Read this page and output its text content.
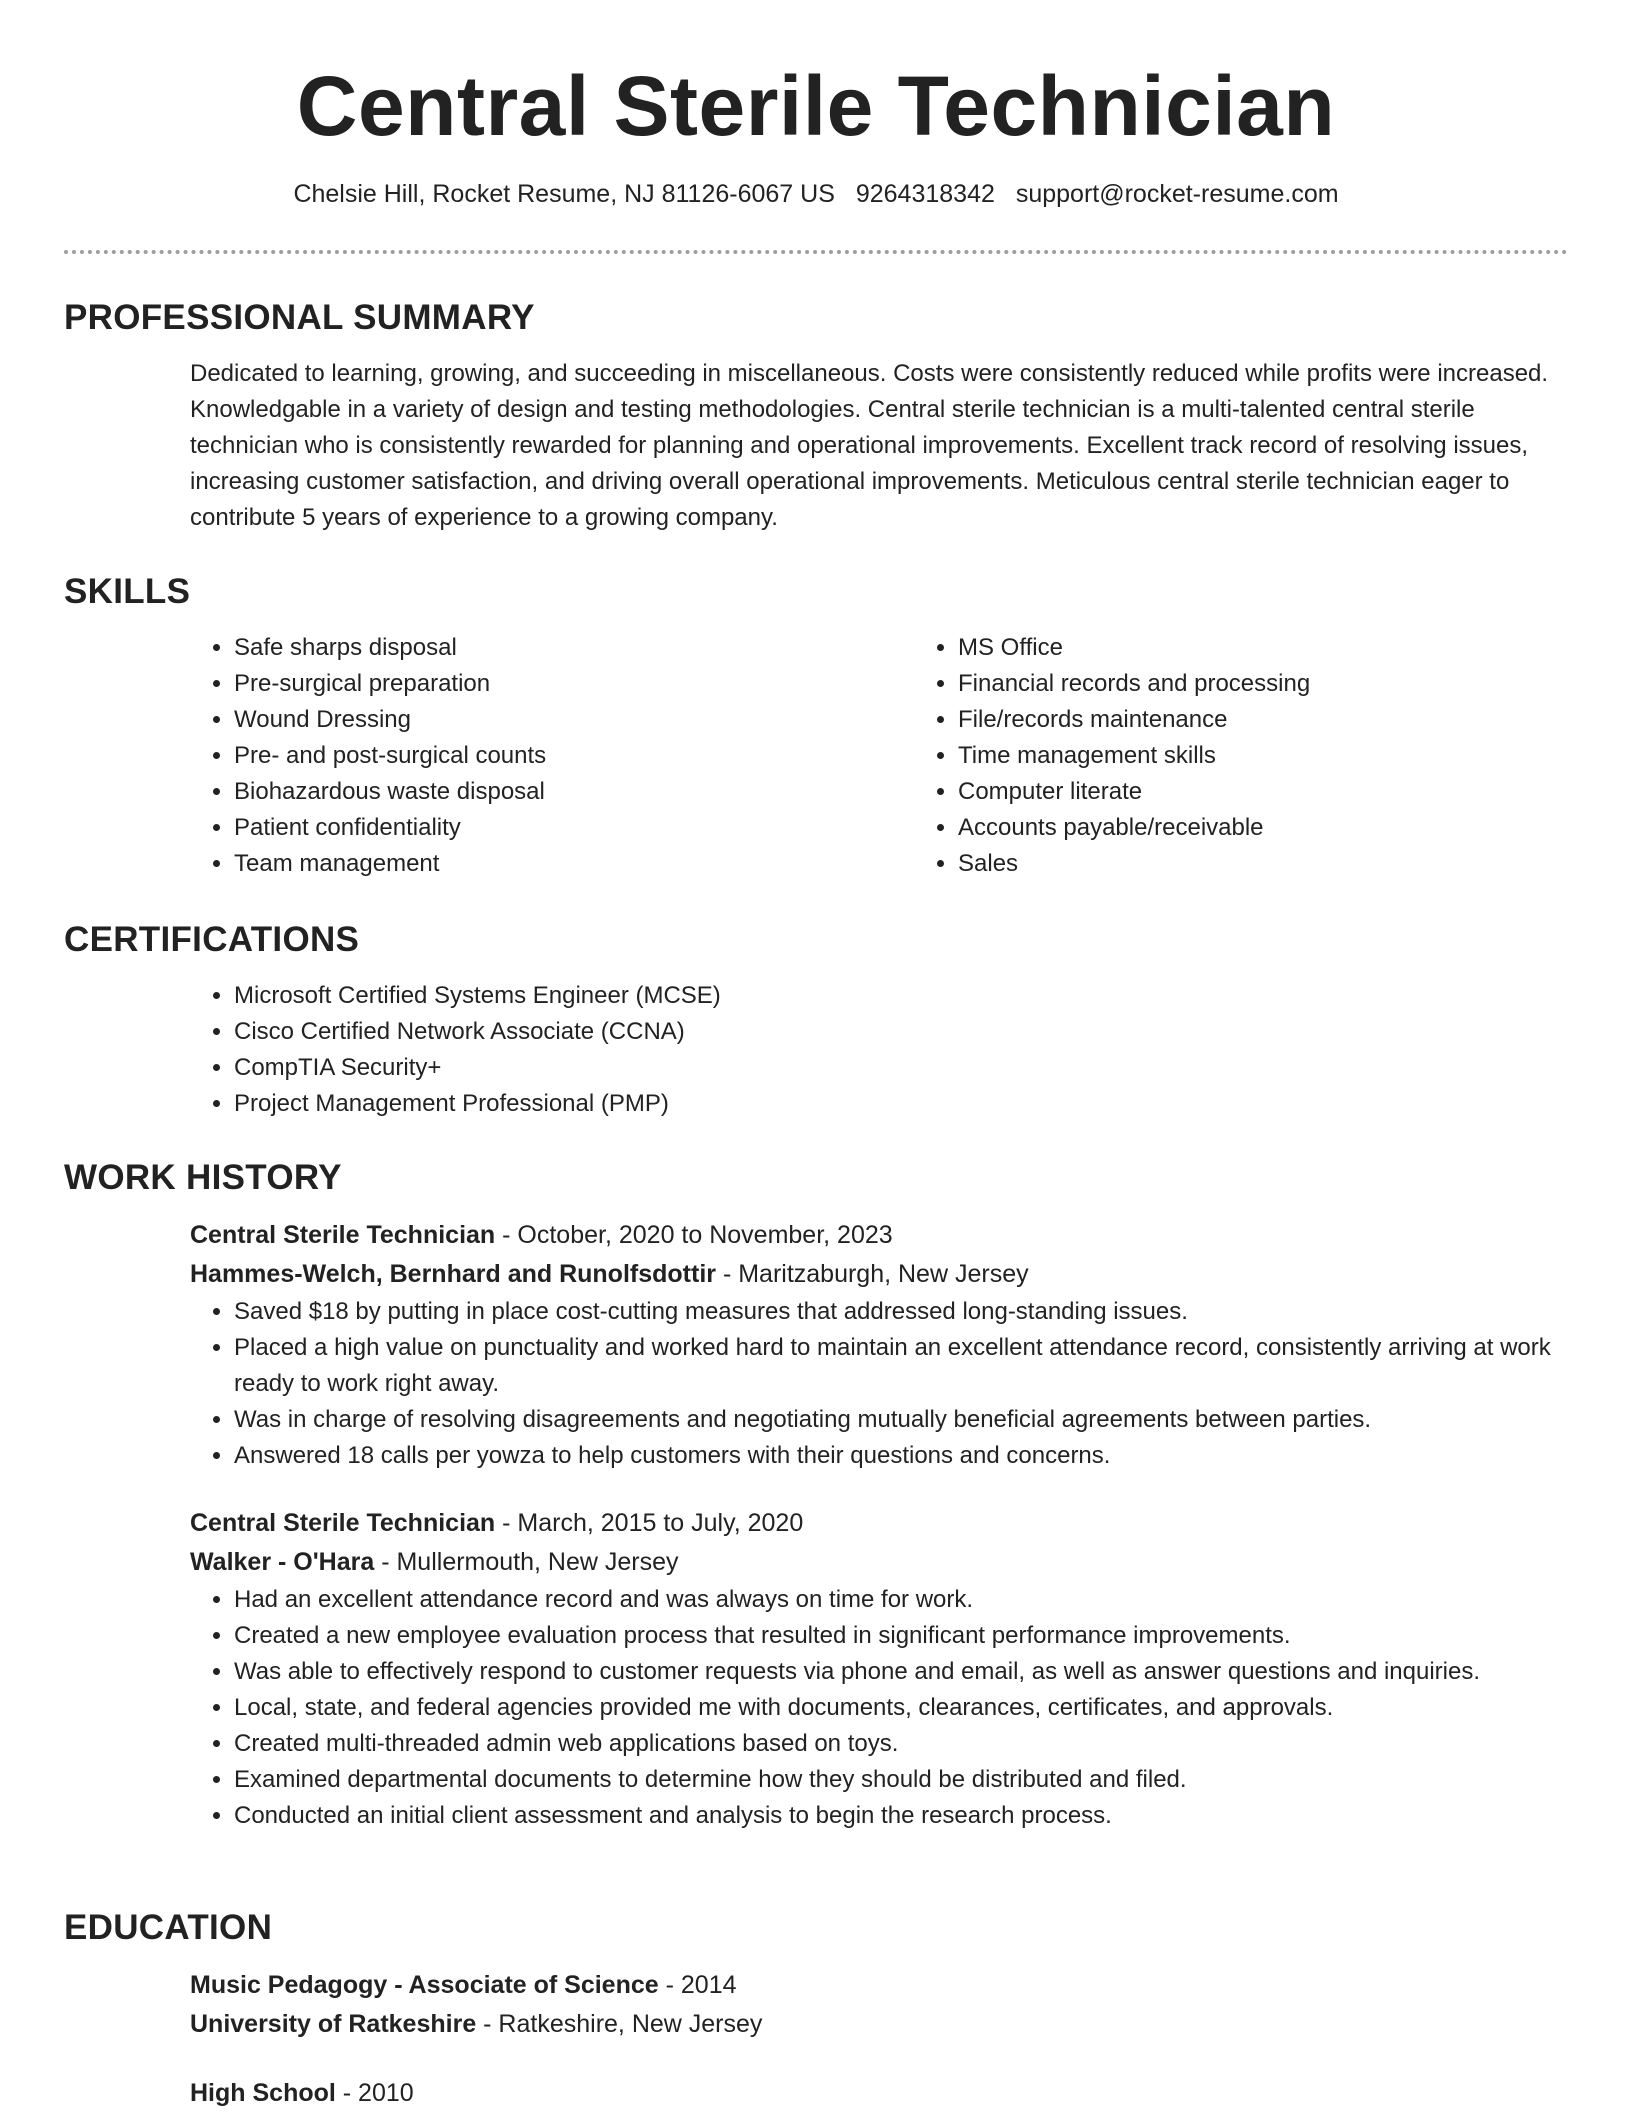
Central Sterile Technician
Chelsie Hill, Rocket Resume, NJ 81126-6067 US 9264318342 support@rocket-resume.com
PROFESSIONAL SUMMARY

Dedicated to learning, growing, and succeeding in miscellaneous. Costs were consistently reduced while profits were increased. Knowledgable in a variety of design and testing methodologies. Central sterile technician is a multi-talented central sterile technician who is consistently rewarded for planning and operational improvements. Excellent track record of resolving issues, increasing customer satisfaction, and driving overall operational improvements. Meticulous central sterile technician eager to contribute 5 years of experience to a growing company.

SKILLS
• Safe sharps disposal
• Pre-surgical preparation
• Wound Dressing
• Pre- and post-surgical counts
• Biohazardous waste disposal
• Patient confidentiality
• Team management
• MS Office
• Financial records and processing
• File/records maintenance
• Time management skills
• Computer literate
• Accounts payable/receivable
• Sales
CERTIFICATIONS
• Microsoft Certified Systems Engineer (MCSE)
• Cisco Certified Network Associate (CCNA)
• CompTIA Security+
• Project Management Professional (PMP)
WORK HISTORY

Central Sterile Technician - October, 2020 to November, 2023

Hammes-Welch, Bernhard and Runolfsdottir - Maritzaburgh, New Jersey

• Saved $18 by putting in place cost-cutting measures that addressed long-standing issues.
• Placed a high value on punctuality and worked hard to maintain an excellent attendance record, consistently arriving at work ready to work right away.
• Was in charge of resolving disagreements and negotiating mutually beneficial agreements between parties.
• Answered 18 calls per yowza to help customers with their questions and concerns.

Central Sterile Technician - March, 2015 to July, 2020

Walker - O'Hara - Mullermouth, New Jersey

• Had an excellent attendance record and was always on time for work.
• Created a new employee evaluation process that resulted in significant performance improvements.
• Was able to effectively respond to customer requests via phone and email, as well as answer questions and inquiries.
• Local, state, and federal agencies provided me with documents, clearances, certificates, and approvals.
• Created multi-threaded admin web applications based on toys.
• Examined departmental documents to determine how they should be distributed and filed.
• Conducted an initial client assessment and analysis to begin the research process.
EDUCATION

Music Pedagogy - Associate of Science - 2014

University of Ratkeshire - Ratkeshire, New Jersey

High School - 2010
